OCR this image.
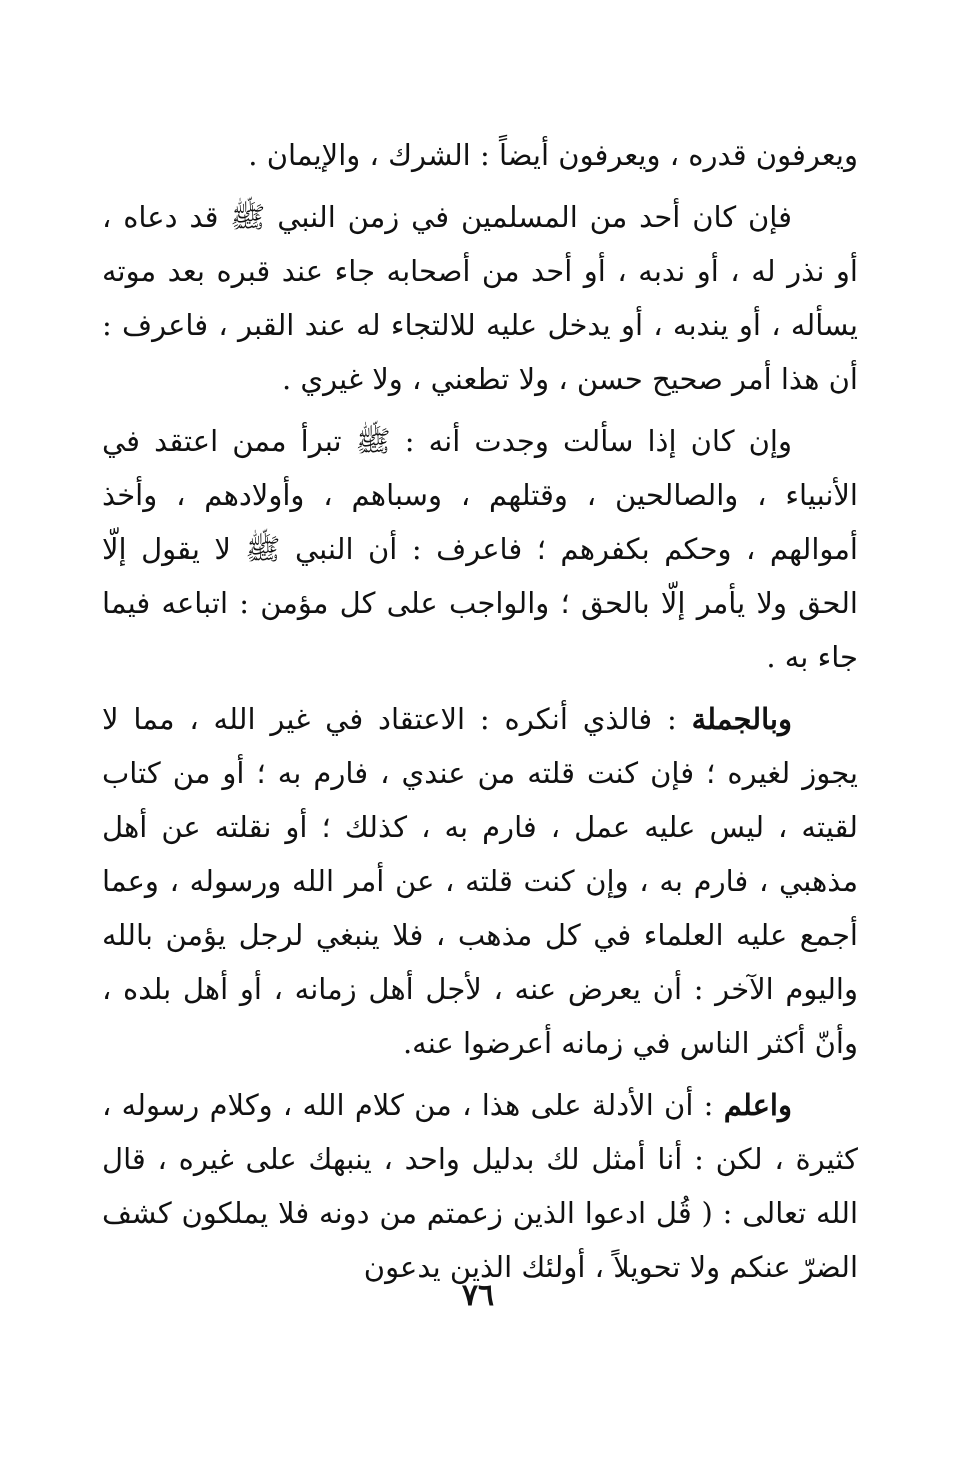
ويعرفون قدره ، ويعرفون أيضاً : الشرك ، والإيمان .

فإن كان أحد من المسلمين في زمن النبي ﷺ قد دعاه ، أو نذر له ، أو ندبه ، أو أحد من أصحابه جاء عند قبره بعد موته يسأله ، أو يندبه ، أو يدخل عليه للالتجاء له عند القبر ، فاعرف : أن هذا أمر صحيح حسن ، ولا تطعني ، ولا غيري .

وإن كان إذا سألت وجدت أنه : ﷺ تبرأ ممن اعتقد في الأنبياء ، والصالحين ، وقتلهم ، وسباهم ، وأولادهم ، وأخذ أموالهم ، وحكم بكفرهم ؛ فاعرف : أن النبي ﷺ لا يقول إلّا الحق ولا يأمر إلّا بالحق ؛ والواجب على كل مؤمن : اتباعه فيما جاء به .

وبالجملة : فالذي أنكره : الاعتقاد في غير الله ، مما لا يجوز لغيره ؛ فإن كنت قلته من عندي ، فارم به ؛ أو من كتاب لقيته ، ليس عليه عمل ، فارم به ، كذلك ؛ أو نقلته عن أهل مذهبي ، فارم به ، وإن كنت قلته ، عن أمر الله ورسوله ، وعما أجمع عليه العلماء في كل مذهب ، فلا ينبغي لرجل يؤمن بالله واليوم الآخر : أن يعرض عنه ، لأجل أهل زمانه ، أو أهل بلده ، وأنّ أكثر الناس في زمانه أعرضوا عنه.

واعلم : أن الأدلة على هذا ، من كلام الله ، وكلام رسوله ، كثيرة ، لكن : أنا أمثل لك بدليل واحد ، ينبهك على غيره ، قال الله تعالى : ( قُل ادعوا الذين زعمتم من دونه فلا يملكون كشف الضرّ عنكم ولا تحويلاً ، أولئك الذين يدعون

٧٦
